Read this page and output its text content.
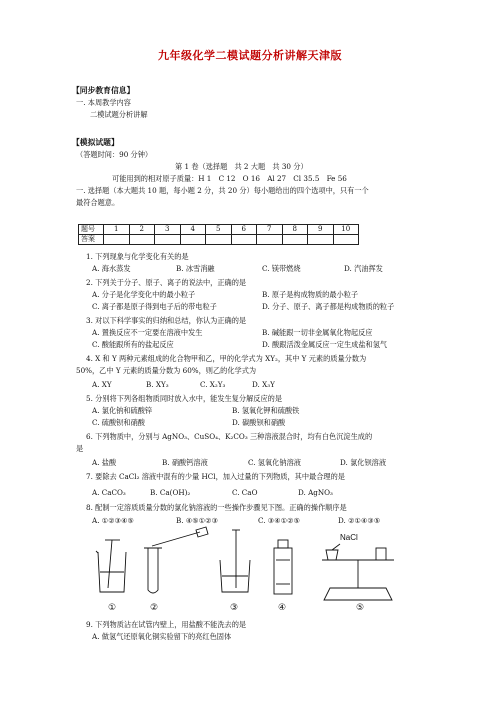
九年级化学二模试题分析讲解天津版
【同步教育信息】
一. 本周教学内容
二模试题分析讲解
【模拟试题】
（答题时间：90 分钟）
第 1 卷（选择题　共 2 大题　共 30 分）
可能用到的相对原子质量：H 1　C 12　O 16　Al 27　Cl 35.5　Fe 56
一. 选择题（本大题共 10 题，每小题 2 分，共 20 分）每小题给出的四个选项中，只有一个
最符合题意。
题号	1	2	3	4	5	6	7	8	9	10
答案										
1. 下列现象与化学变化有关的是
A. 海水蒸发	B. 冰雪消融	C. 镁带燃烧	D. 汽油挥发
2. 下列关于分子、原子、离子的说法中，正确的是
A. 分子是化学变化中的最小粒子	B. 原子是构成物质的最小粒子
C. 离子都是原子得到电子后的带电粒子	D. 分子、原子、离子都是构成物质的粒子
3. 对以下科学事实的归纳和总结，你认为正确的是
A. 置换反应不一定要在溶液中发生	B. 碱能跟一切非金属氧化物起反应
C. 酸能跟所有的盐起反应	D. 酸跟活泼金属反应一定生成盐和氢气
4. X 和 Y 两种元素组成的化合物甲和乙，甲的化学式为 XY₂，其中 Y 元素的质量分数为
50%，乙中 Y 元素的质量分数为 60%，则乙的化学式为
A. XY	B. XY₃	C. X₂Y₃	D. X₃Y
5. 分别将下列各组物质同时放入水中，能发生复分解反应的是
A. 氯化钠和硫酸锌	B. 氢氧化钾和硫酸铁
C. 硫酸钡和硝酸	D. 碳酸钡和硝酸
6. 下列物质中，分别与 AgNO₃、CuSO₄、K₂CO₃ 三种溶液混合时，均有白色沉淀生成的
是
A. 盐酸	B. 硝酸钙溶液	C. 氢氧化钠溶液	D. 氯化钡溶液
7. 要除去 CaCl₂ 溶液中混有的少量 HCl，加入过量的下列物质，其中最合理的是
A. CaCO₃	B. Ca(OH)₂	C. CaO	D. AgNO₃
8. 配制一定溶质质量分数的氯化钠溶液的一些操作步骤见下图。正确的操作顺序是
A. ①②③④⑤	B. ④⑤①②③	C. ③④①②⑤	D. ②①④③⑤
NaCl
①	②	③	④	⑤
9. 下列物质沾在试管内壁上，用盐酸不能洗去的是
A. 做氢气还原氧化铜实验留下的亮红色固体
